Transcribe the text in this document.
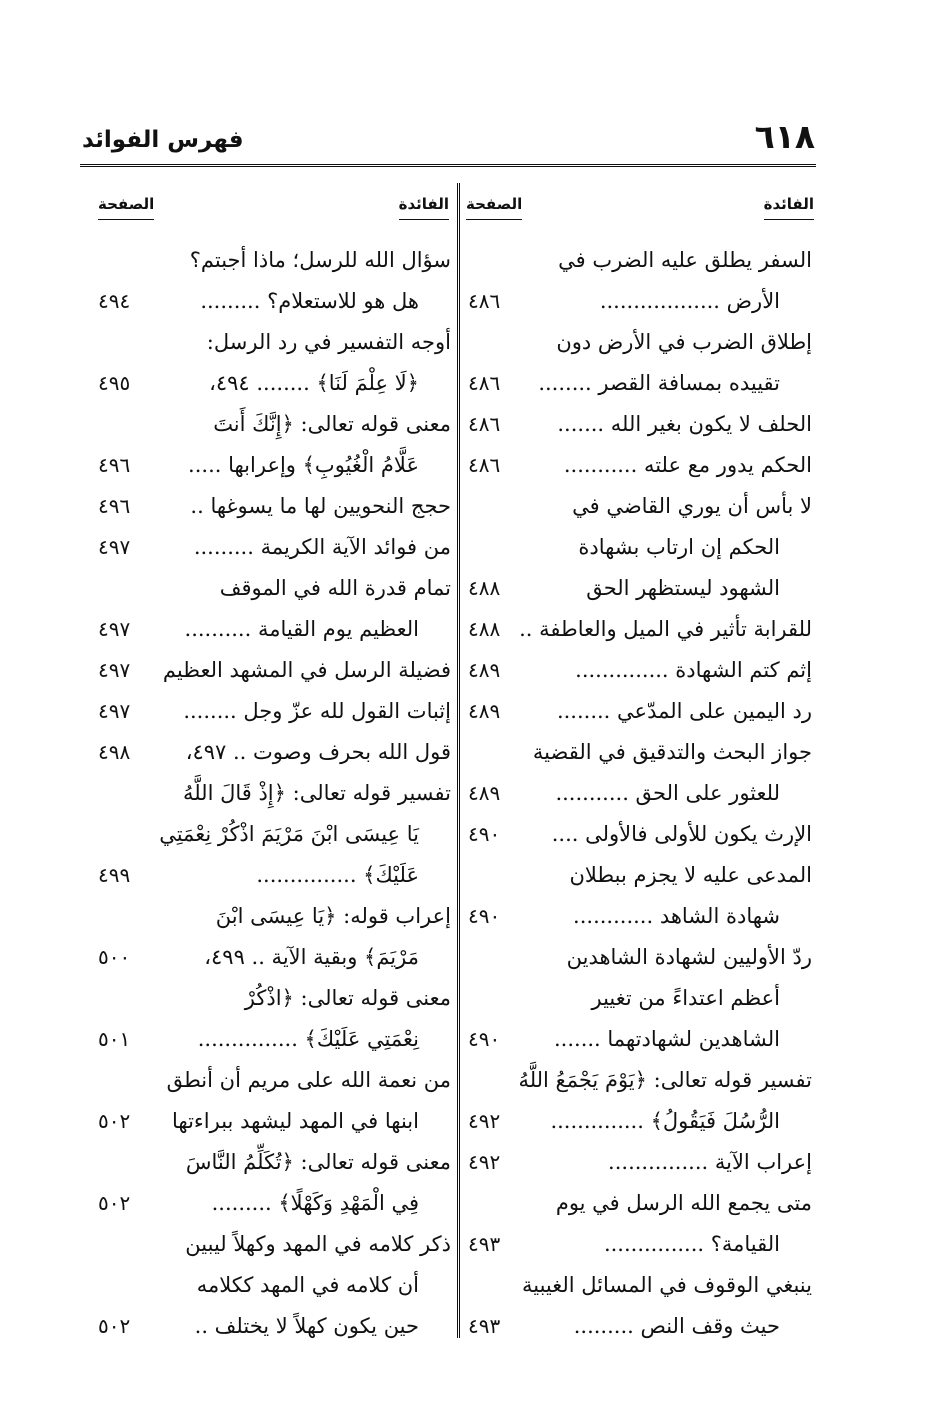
فهرس الفوائد	٦١٨
الفائدة
الصفحة
السفر يطلق عليه الضرب في
الأرض ..................
٤٨٦
إطلاق الضرب في الأرض دون
تقييده بمسافة القصر ........
٤٨٦
الحلف لا يكون بغير الله .......
٤٨٦
الحكم يدور مع علته ...........
٤٨٦
لا بأس أن يوري القاضي في
الحكم إن ارتاب بشهادة
الشهود ليستظهر الحق
٤٨٨
للقرابة تأثير في الميل والعاطفة ..
٤٨٨
إثم كتم الشهادة ..............
٤٨٩
رد اليمين على المدّعي ........
٤٨٩
جواز البحث والتدقيق في القضية
للعثور على الحق ...........
٤٨٩
الإرث يكون للأولى فالأولى ....
٤٩٠
المدعى عليه لا يجزم ببطلان
شهادة الشاهد ............
٤٩٠
ردّ الأوليين لشهادة الشاهدين
أعظم اعتداءً من تغيير
الشاهدين لشهادتهما .......
٤٩٠
تفسير قوله تعالى: ﴿يَوْمَ يَجْمَعُ اللَّهُ
الرُّسُلَ فَيَقُولُ﴾ ..............
٤٩٢
إعراب الآية ...............
٤٩٢
متى يجمع الله الرسل في يوم
القيامة؟ ...............
٤٩٣
ينبغي الوقوف في المسائل الغيبية
حيث وقف النص .........
٤٩٣
الفائدة
الصفحة
سؤال الله للرسل؛ ماذا أجبتم؟
هل هو للاستعلام؟ .........
٤٩٤
أوجه التفسير في رد الرسل:
﴿لَا عِلْمَ لَنَا﴾ ........ ٤٩٤،
٤٩٥
معنى قوله تعالى: ﴿إِنَّكَ أَنتَ
عَلَّامُ الْغُيُوبِ﴾ وإعرابها .....
٤٩٦
حجج النحويين لها ما يسوغها ..
٤٩٦
من فوائد الآية الكريمة .........
٤٩٧
تمام قدرة الله في الموقف
العظيم يوم القيامة ..........
٤٩٧
فضيلة الرسل في المشهد العظيم
٤٩٧
إثبات القول لله عزّ وجل ........
٤٩٧
قول الله بحرف وصوت .. ٤٩٧،
٤٩٨
تفسير قوله تعالى: ﴿إِذْ قَالَ اللَّهُ
يَا عِيسَى ابْنَ مَرْيَمَ اذْكُرْ نِعْمَتِي
عَلَيْكَ﴾ ...............
٤٩٩
إعراب قوله: ﴿يَا عِيسَى ابْنَ
مَرْيَمَ﴾ وبقية الآية .. ٤٩٩،
٥٠٠
معنى قوله تعالى: ﴿اذْكُرْ
نِعْمَتِي عَلَيْكَ﴾ ...............
٥٠١
من نعمة الله على مريم أن أنطق
ابنها في المهد ليشهد ببراءتها
٥٠٢
معنى قوله تعالى: ﴿تُكَلِّمُ النَّاسَ
فِي الْمَهْدِ وَكَهْلًا﴾ .........
٥٠٢
ذكر كلامه في المهد وكهلاً ليبين
أن كلامه في المهد ككلامه
حين يكون كهلاً لا يختلف ..
٥٠٢
